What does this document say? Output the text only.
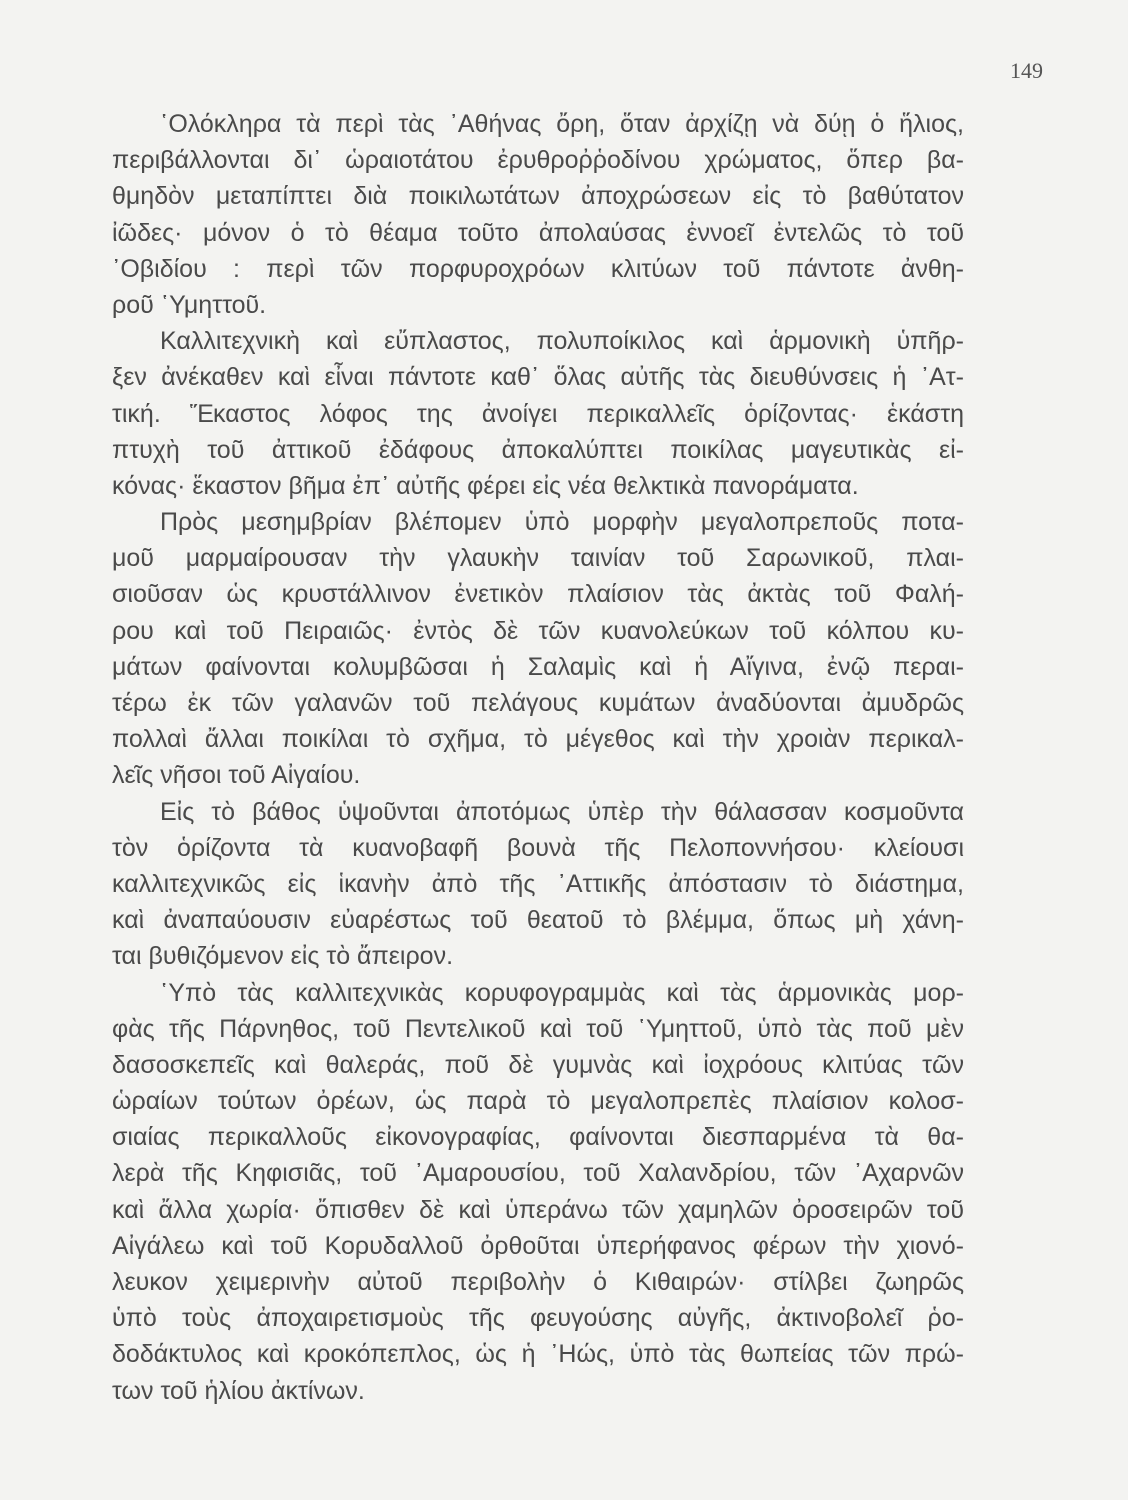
149
῾Ολόκληρα τὰ περὶ τὰς ᾿Αθήνας ὄρη, ὅταν ἀρχίζῃ νὰ δύῃ ὁ ἥλιος,
περιβάλλονται δι᾿ ὡραιοτάτου ἐρυθροῤῥοδίνου χρώματος, ὅπερ βα-
θμηδὸν μεταπίπτει διὰ ποικιλωτάτων ἀποχρώσεων εἰς τὸ βαθύτατον
ἰῶδες· μόνον ὁ τὸ θέαμα τοῦτο ἀπολαύσας ἐννοεῖ ἐντελῶς τὸ τοῦ
᾿Οβιδίου : περὶ τῶν πορφυροχρόων κλιτύων τοῦ πάντοτε ἀνθη-
ροῦ ῾Υμηττοῦ.
Καλλιτεχνικὴ καὶ εὔπλαστος, πολυποίκιλος καὶ ἁρμονικὴ ὑπῆρ-
ξεν ἀνέκαθεν καὶ εἶναι πάντοτε καθ᾿ ὅλας αὐτῆς τὰς διευθύνσεις ἡ ᾿Ατ-
τική. Ἕκαστος λόφος της ἀνοίγει περικαλλεῖς ὁρίζοντας· ἑκάστη
πτυχὴ τοῦ ἀττικοῦ ἐδάφους ἀποκαλύπτει ποικίλας μαγευτικὰς εἰ-
κόνας· ἕκαστον βῆμα ἐπ᾿ αὐτῆς φέρει εἰς νέα θελκτικὰ πανοράματα.
Πρὸς μεσημβρίαν βλέπομεν ὑπὸ μορφὴν μεγαλοπρεποῦς ποτα-
μοῦ μαρμαίρουσαν τὴν γλαυκὴν ταινίαν τοῦ Σαρωνικοῦ, πλαι-
σιοῦσαν ὡς κρυστάλλινον ἐνετικὸν πλαίσιον τὰς ἀκτὰς τοῦ Φαλή-
ρου καὶ τοῦ Πειραιῶς· ἐντὸς δὲ τῶν κυανολεύκων τοῦ κόλπου κυ-
μάτων φαίνονται κολυμβῶσαι ἡ Σαλαμὶς καὶ ἡ Αἴγινα, ἐνῷ περαι-
τέρω ἐκ τῶν γαλανῶν τοῦ πελάγους κυμάτων ἀναδύονται ἀμυδρῶς
πολλαὶ ἄλλαι ποικίλαι τὸ σχῆμα, τὸ μέγεθος καὶ τὴν χροιὰν περικαλ-
λεῖς νῆσοι τοῦ Αἰγαίου.
Εἰς τὸ βάθος ὑψοῦνται ἀποτόμως ὑπὲρ τὴν θάλασσαν κοσμοῦντα
τὸν ὁρίζοντα τὰ κυανοβαφῆ βουνὰ τῆς Πελοποννήσου· κλείουσι
καλλιτεχνικῶς εἰς ἱκανὴν ἀπὸ τῆς ᾿Αττικῆς ἀπόστασιν τὸ διάστημα,
καὶ ἀναπαύουσιν εὐαρέστως τοῦ θεατοῦ τὸ βλέμμα, ὅπως μὴ χάνη-
ται βυθιζόμενον εἰς τὸ ἄπειρον.
῾Υπὸ τὰς καλλιτεχνικὰς κορυφογραμμὰς καὶ τὰς ἁρμονικὰς μορ-
φὰς τῆς Πάρνηθος, τοῦ Πεντελικοῦ καὶ τοῦ ῾Υμηττοῦ, ὑπὸ τὰς ποῦ μὲν
δασοσκεπεῖς καὶ θαλεράς, ποῦ δὲ γυμνὰς καὶ ἰοχρόους κλιτύας τῶν
ὡραίων τούτων ὀρέων, ὡς παρὰ τὸ μεγαλοπρεπὲς πλαίσιον κολοσ-
σιαίας περικαλλοῦς εἰκονογραφίας, φαίνονται διεσπαρμένα τὰ θα-
λερὰ τῆς Κηφισιᾶς, τοῦ ᾿Αμαρουσίου, τοῦ Χαλανδρίου, τῶν ᾿Αχαρνῶν
καὶ ἄλλα χωρία· ὄπισθεν δὲ καὶ ὑπεράνω τῶν χαμηλῶν ὀροσειρῶν τοῦ
Αἰγάλεω καὶ τοῦ Κορυδαλλοῦ ὀρθοῦται ὑπερήφανος φέρων τὴν χιονό-
λευκον χειμερινὴν αὐτοῦ περιβολὴν ὁ Κιθαιρών· στίλβει ζωηρῶς
ὑπὸ τοὺς ἀποχαιρετισμοὺς τῆς φευγούσης αὐγῆς, ἀκτινοβολεῖ ῥο-
δοδάκτυλος καὶ κροκόπεπλος, ὡς ἡ ᾿Ηώς, ὑπὸ τὰς θωπείας τῶν πρώ-
των τοῦ ἡλίου ἀκτίνων.
